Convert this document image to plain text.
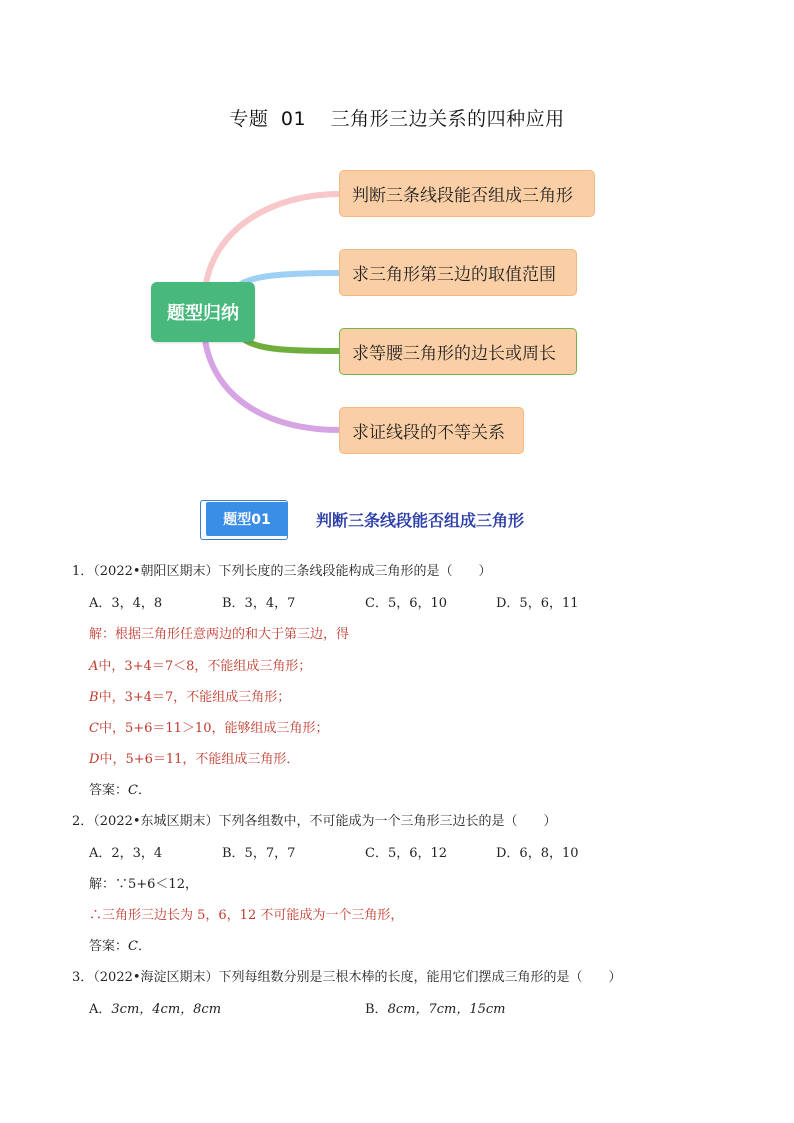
专题 01 三角形三边关系的四种应用
题型归纳
判断三条线段能否组成三角形
求三角形第三边的取值范围
求等腰三角形的边长或周长
求证线段的不等关系
题型01	判断三条线段能否组成三角形
1．（2022•朝阳区期末）下列长度的三条线段能构成三角形的是（　　）
A．3，4，8	B．3，4，7	C．5，6，10	D．5，6，11
解：根据三角形任意两边的和大于第三边，得
A中，3+4＝7＜8，不能组成三角形；
B中，3+4＝7，不能组成三角形；
C中，5+6＝11＞10，能够组成三角形；
D中，5+6＝11，不能组成三角形．
答案：C．
2．（2022•东城区期末）下列各组数中，不可能成为一个三角形三边长的是（　　）
A．2，3，4	B．5，7，7	C．5，6，12	D．6，8，10
解：∵5+6＜12，
∴三角形三边长为 5，6，12 不可能成为一个三角形，
答案：C．
3．（2022•海淀区期末）下列每组数分别是三根木棒的长度，能用它们摆成三角形的是（　　）
A．3cm，4cm，8cm	B．8cm，7cm，15cm
